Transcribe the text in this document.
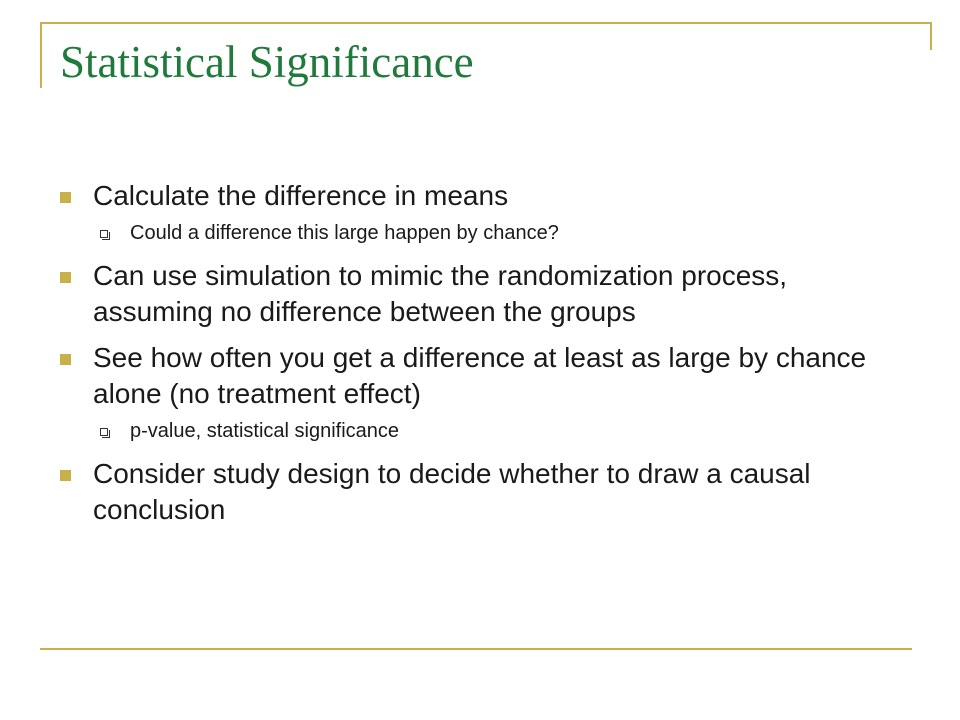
Statistical Significance
Calculate the difference in means
Could a difference this large happen by chance?
Can use simulation to mimic the randomization process, assuming no difference between the groups
See how often you get a difference at least as large by chance alone (no treatment effect)
p-value, statistical significance
Consider study design to decide whether to draw a causal conclusion
